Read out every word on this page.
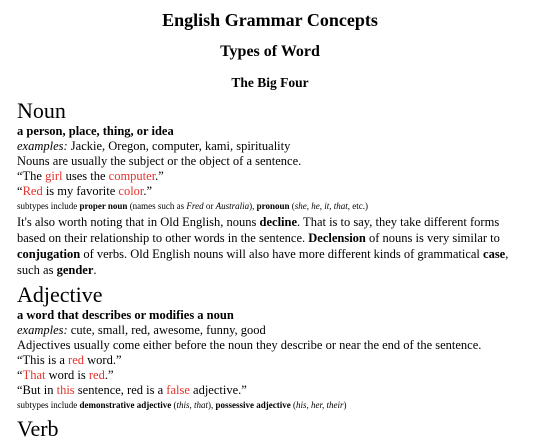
English Grammar Concepts
Types of Word
The Big Four
Noun
a person, place, thing, or idea
examples: Jackie, Oregon, computer, kami, spirituality
Nouns are usually the subject or the object of a sentence.
“The girl uses the computer.”
“Red is my favorite color.”
subtypes include proper noun (names such as Fred or Australia), pronoun (she, he, it, that, etc.)
It's also worth noting that in Old English, nouns decline. That is to say, they take different forms based on their relationship to other words in the sentence. Declension of nouns is very similar to conjugation of verbs. Old English nouns will also have more different kinds of grammatical case, such as gender.
Adjective
a word that describes or modifies a noun
examples: cute, small, red, awesome, funny, good
Adjectives usually come either before the noun they describe or near the end of the sentence.
“This is a red word.”
“That word is red.”
“But in this sentence, red is a false adjective.”
subtypes include demonstrative adjective (this, that), possessive adjective (his, her, their)
Verb
